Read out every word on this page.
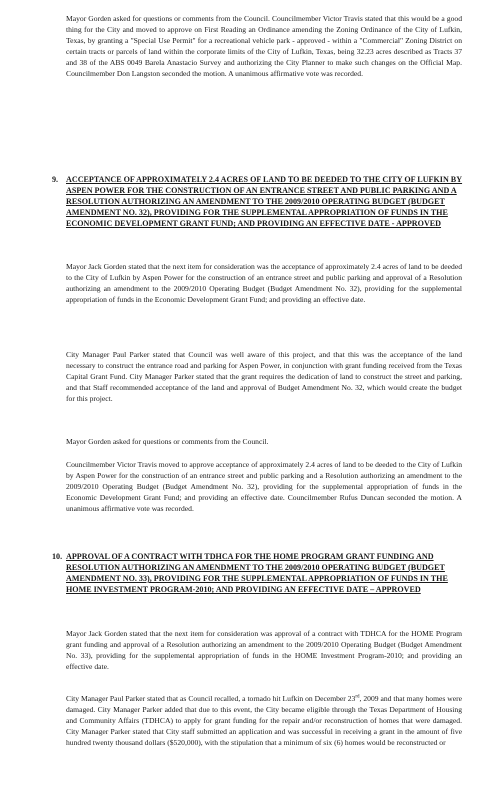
Mayor Gorden asked for questions or comments from the Council. Councilmember Victor Travis stated that this would be a good thing for the City and moved to approve on First Reading an Ordinance amending the Zoning Ordinance of the City of Lufkin, Texas, by granting a "Special Use Permit" for a recreational vehicle park - approved - within a "Commercial" Zoning District on certain tracts or parcels of land within the corporate limits of the City of Lufkin, Texas, being 32.23 acres described as Tracts 37 and 38 of the ABS 0049 Barela Anastacio Survey and authorizing the City Planner to make such changes on the Official Map. Councilmember Don Langston seconded the motion. A unanimous affirmative vote was recorded.

9. ACCEPTANCE OF APPROXIMATELY 2.4 ACRES OF LAND TO BE DEEDED TO THE CITY OF LUFKIN BY ASPEN POWER FOR THE CONSTRUCTION OF AN ENTRANCE STREET AND PUBLIC PARKING AND A RESOLUTION AUTHORIZING AN AMENDMENT TO THE 2009/2010 OPERATING BUDGET (BUDGET AMENDMENT NO. 32), PROVIDING FOR THE SUPPLEMENTAL APPROPRIATION OF FUNDS IN THE ECONOMIC DEVELOPMENT GRANT FUND; AND PROVIDING AN EFFECTIVE DATE - APPROVED

Mayor Jack Gorden stated that the next item for consideration was the acceptance of approximately 2.4 acres of land to be deeded to the City of Lufkin by Aspen Power for the construction of an entrance street and public parking and approval of a Resolution authorizing an amendment to the 2009/2010 Operating Budget (Budget Amendment No. 32), providing for the supplemental appropriation of funds in the Economic Development Grant Fund; and providing an effective date.

City Manager Paul Parker stated that Council was well aware of this project, and that this was the acceptance of the land necessary to construct the entrance road and parking for Aspen Power, in conjunction with grant funding received from the Texas Capital Grant Fund. City Manager Parker stated that the grant requires the dedication of land to construct the street and parking, and that Staff recommended acceptance of the land and approval of Budget Amendment No. 32, which would create the budget for this project.

Mayor Gorden asked for questions or comments from the Council.

Councilmember Victor Travis moved to approve acceptance of approximately 2.4 acres of land to be deeded to the City of Lufkin by Aspen Power for the construction of an entrance street and public parking and a Resolution authorizing an amendment to the 2009/2010 Operating Budget (Budget Amendment No. 32), providing for the supplemental appropriation of funds in the Economic Development Grant Fund; and providing an effective date. Councilmember Rufus Duncan seconded the motion. A unanimous affirmative vote was recorded.

10. APPROVAL OF A CONTRACT WITH TDHCA FOR THE HOME PROGRAM GRANT FUNDING AND RESOLUTION AUTHORIZING AN AMENDMENT TO THE 2009/2010 OPERATING BUDGET (BUDGET AMENDMENT NO. 33), PROVIDING FOR THE SUPPLEMENTAL APPROPRIATION OF FUNDS IN THE HOME INVESTMENT PROGRAM-2010; AND PROVIDING AN EFFECTIVE DATE – APPROVED

Mayor Jack Gorden stated that the next item for consideration was approval of a contract with TDHCA for the HOME Program grant funding and approval of a Resolution authorizing an amendment to the 2009/2010 Operating Budget (Budget Amendment No. 33), providing for the supplemental appropriation of funds in the HOME Investment Program-2010; and providing an effective date.

City Manager Paul Parker stated that as Council recalled, a tornado hit Lufkin on December 23rd, 2009 and that many homes were damaged. City Manager Parker added that due to this event, the City became eligible through the Texas Department of Housing and Community Affairs (TDHCA) to apply for grant funding for the repair and/or reconstruction of homes that were damaged. City Manager Parker stated that City staff submitted an application and was successful in receiving a grant in the amount of five hundred twenty thousand dollars ($520,000), with the stipulation that a minimum of six (6) homes would be reconstructed or
